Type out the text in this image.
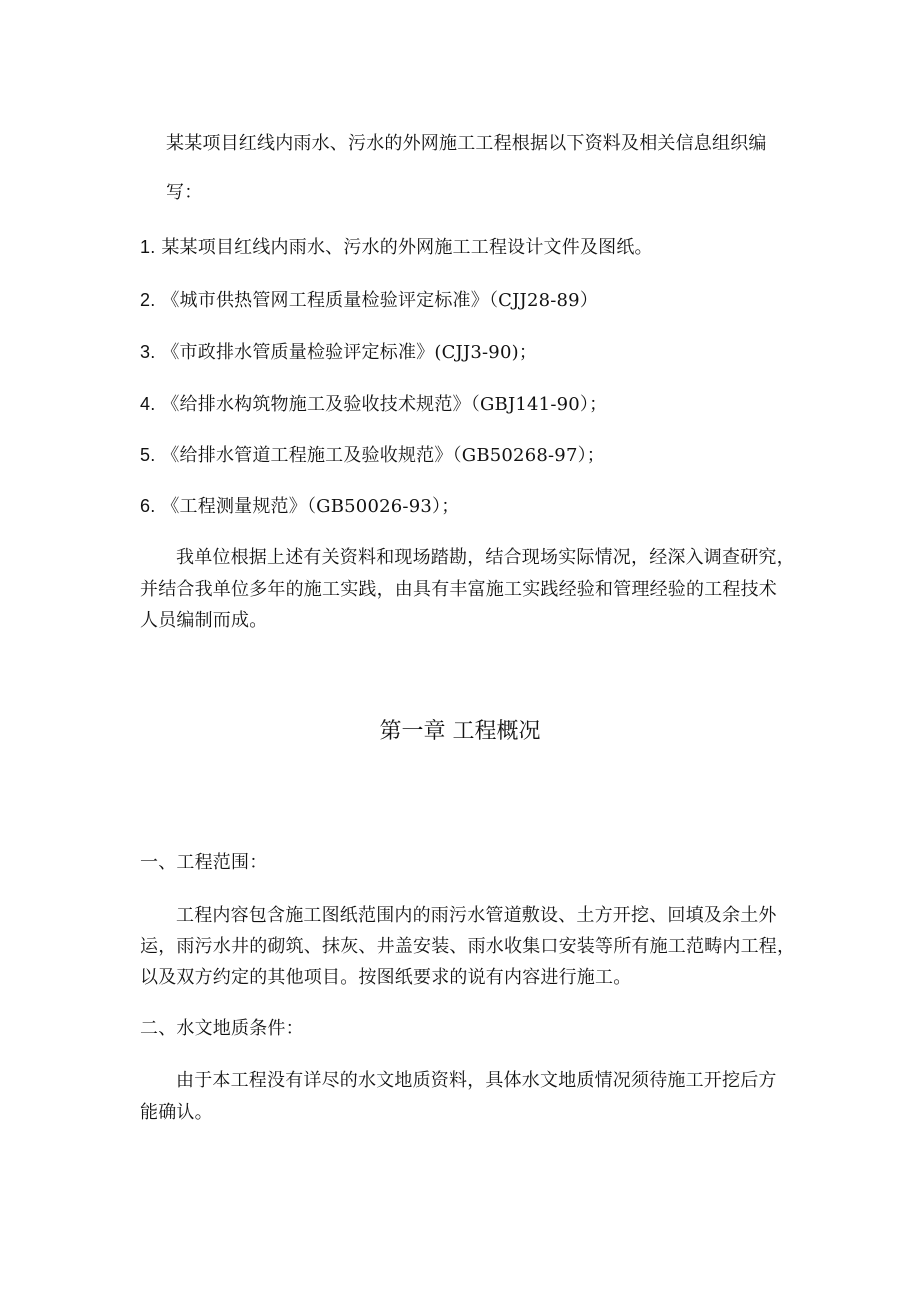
某某项目红线内雨水、污水的外网施工工程根据以下资料及相关信息组织编
写：
1. 某某项目红线内雨水、污水的外网施工工程设计文件及图纸。
2. 《城市供热管网工程质量检验评定标准》（CJJ28-89）
3. 《市政排水管质量检验评定标准》(CJJ3-90)；
4. 《给排水构筑物施工及验收技术规范》（GBJ141-90）；
5. 《给排水管道工程施工及验收规范》（GB50268-97）；
6. 《工程测量规范》（GB50026-93）；
我单位根据上述有关资料和现场踏勘，结合现场实际情况，经深入调查研究，
并结合我单位多年的施工实践，由具有丰富施工实践经验和管理经验的工程技术
人员编制而成。
第一章 工程概况
一、工程范围：
工程内容包含施工图纸范围内的雨污水管道敷设、土方开挖、回填及余土外
运，雨污水井的砌筑、抹灰、井盖安装、雨水收集口安装等所有施工范畴内工程，
以及双方约定的其他项目。按图纸要求的说有内容进行施工。
二、水文地质条件：
由于本工程没有详尽的水文地质资料，具体水文地质情况须待施工开挖后方
能确认。
